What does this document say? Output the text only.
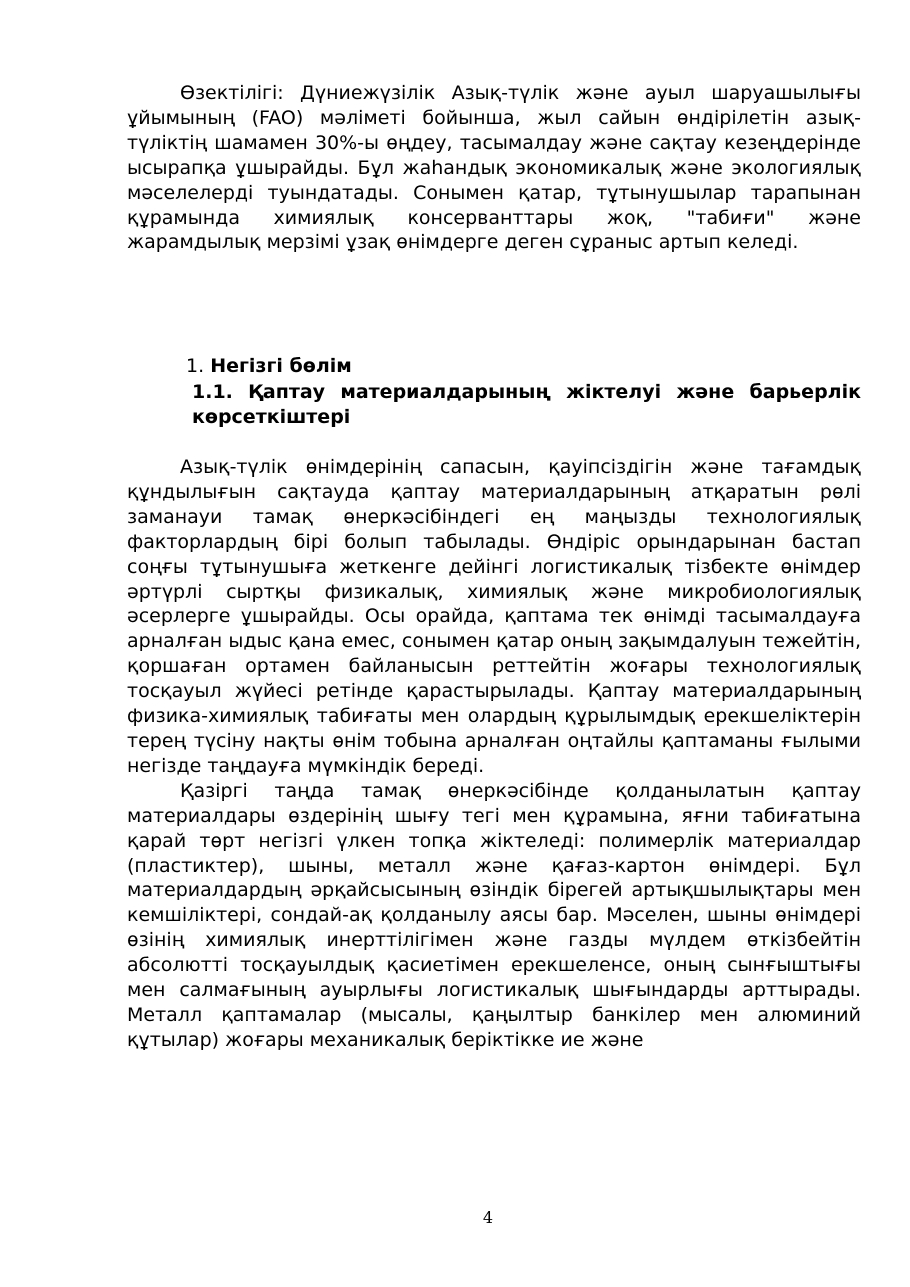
Өзектілігі: Дүниежүзілік Азық-түлік және ауыл шаруашылығы ұйымының (FAO) мәліметі бойынша, жыл сайын өндірілетін азық-түліктің шамамен 30%-ы өңдеу, тасымалдау және сақтау кезеңдерінде ысырапқа ұшырайды. Бұл жаһандық экономикалық және экологиялық мәселелерді туындатады. Сонымен қатар, тұтынушылар тарапынан құрамында химиялық консерванттары жоқ, "табиғи" және жарамдылық мерзімі ұзақ өнімдерге деген сұраныс артып келеді.

1. Негізгі бөлім
1.1. Қаптау материалдарының жіктелуі және барьерлік көрсеткіштері

Азық-түлік өнімдерінің сапасын, қауіпсіздігін және тағамдық құндылығын сақтауда қаптау материалдарының атқаратын рөлі заманауи тамақ өнеркәсібіндегі ең маңызды технологиялық факторлардың бірі болып табылады. Өндіріс орындарынан бастап соңғы тұтынушыға жеткенге дейінгі логистикалық тізбекте өнімдер әртүрлі сыртқы физикалық, химиялық және микробиологиялық әсерлерге ұшырайды. Осы орайда, қаптама тек өнімді тасымалдауға арналған ыдыс қана емес, сонымен қатар оның зақымдалуын тежейтін, қоршаған ортамен байланысын реттейтін жоғары технологиялық тосқауыл жүйесі ретінде қарастырылады. Қаптау материалдарының физика-химиялық табиғаты мен олардың құрылымдық ерекшеліктерін терең түсіну нақты өнім тобына арналған оңтайлы қаптаманы ғылыми негізде таңдауға мүмкіндік береді.

Қазіргі таңда тамақ өнеркәсібінде қолданылатын қаптау материалдары өздерінің шығу тегі мен құрамына, яғни табиғатына қарай төрт негізгі үлкен топқа жіктеледі: полимерлік материалдар (пластиктер), шыны, металл және қағаз-картон өнімдері. Бұл материалдардың әрқайсысының өзіндік бірегей артықшылықтары мен кемшіліктері, сондай-ақ қолданылу аясы бар. Мәселен, шыны өнімдері өзінің химиялық инерттілігімен және газды мүлдем өткізбейтін абсолютті тосқауылдық қасиетімен ерекшеленсе, оның сынғыштығы мен салмағының ауырлығы логистикалық шығындарды арттырады. Металл қаптамалар (мысалы, қаңылтыр банкілер мен алюминий құтылар) жоғары механикалық беріктікке ие және

4
